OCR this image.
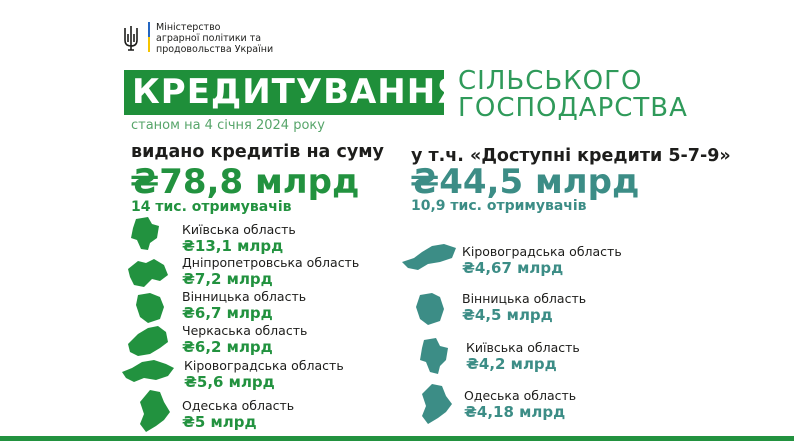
Міністерство
аграрної політики та
продовольства України
КРЕДИТУВАННЯ
СІЛЬСЬКОГО
ГОСПОДАРСТВА
станом на 4 січня 2024 року
видано кредитів на суму
₴78,8 млрд
14 тис. отримувачів
у т.ч. «Доступні кредити 5-7-9»
₴44,5 млрд
10,9 тис. отримувачів
Київська область
₴13,1 млрд
Дніпропетровська область
₴7,2 млрд
Вінницька область
₴6,7 млрд
Черкаська область
₴6,2 млрд
Кіровоградська область
₴5,6 млрд
Одеська область
₴5 млрд
Кіровоградська область
₴4,67 млрд
Вінницька область
₴4,5 млрд
Київська область
₴4,2 млрд
Одеська область
₴4,18 млрд
